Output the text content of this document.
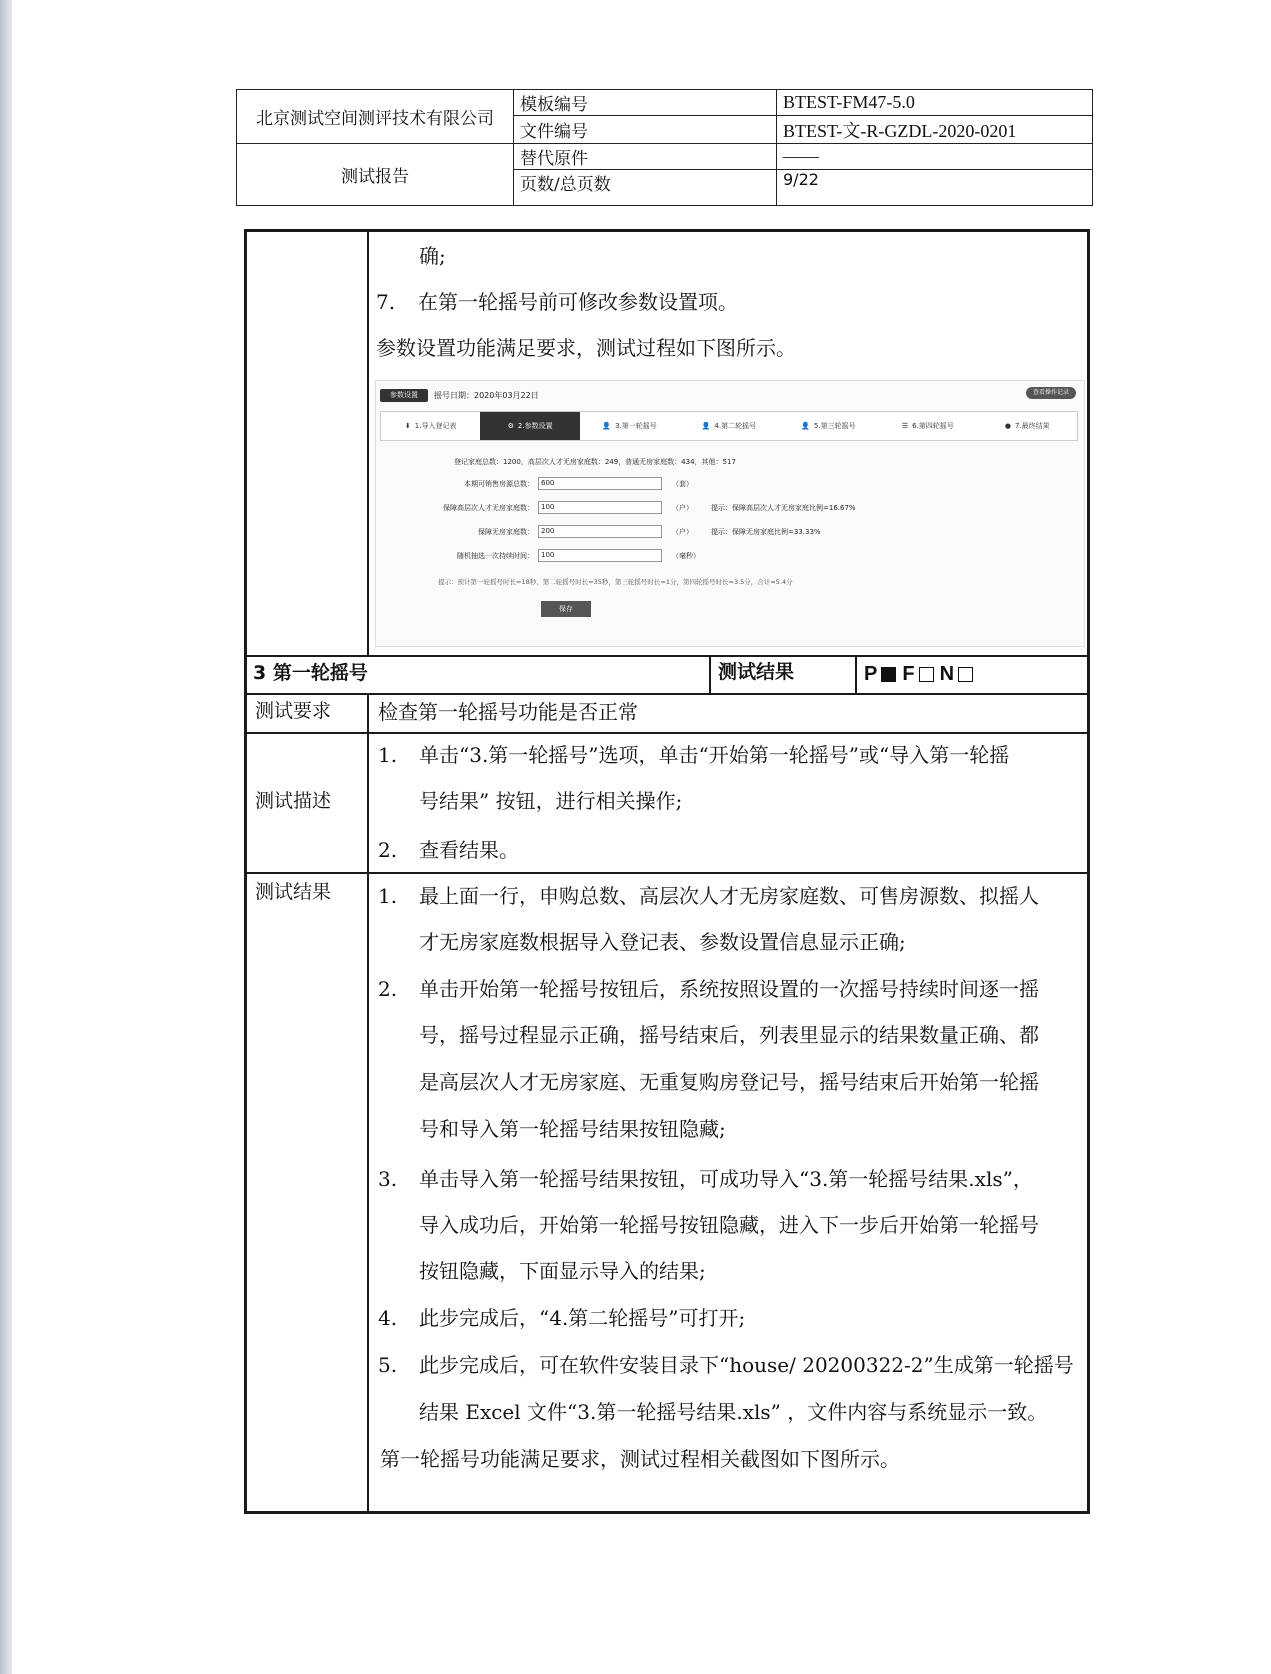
北京测试空间测评技术有限公司	模板编号	BTEST-FM47-5.0
	文件编号	BTEST-文-R-GZDL-2020-0201
测试报告	替代原件	——
	页数/总页数	9/22
确;
7. 在第一轮摇号前可修改参数设置项。
参数设置功能满足要求，测试过程如下图所示。
参数设置	摇号日期：2020年03月22日	查看操作记录
⬇ 1.导入登记表	⚙ 2.参数设置	👤 3.第一轮摇号	👤 4.第二轮摇号	👤 5.第三轮摇号	☰ 6.第四轮摇号	● 7.最终结果
登记家庭总数：1200，高层次人才无房家庭数：249，普通无房家庭数：434，其他：517
本期可销售房源总数： 600	（套）
保障高层次人才无房家庭数： 100	（户）	提示：保障高层次人才无房家庭比例=16.67%
保障无房家庭数： 200	（户）	提示：保障无房家庭比例=33.33%
随机抽选一次持续时间： 100	（毫秒）
提示：预计第一轮摇号时长=18秒，第二轮摇号时长=35秒，第三轮摇号时长=1分，第四轮摇号时长=3.5分，合计=5.4分
保存
3 第一轮摇号	测试结果	P F N
测试要求 检查第一轮摇号功能是否正常
测试描述
1. 单击“3.第一轮摇号”选项，单击“开始第一轮摇号”或“导入第一轮摇
号结果” 按钮，进行相关操作;
2. 查看结果。
测试结果 1. 最上面一行，申购总数、高层次人才无房家庭数、可售房源数、拟摇人
才无房家庭数根据导入登记表、参数设置信息显示正确;
2. 单击开始第一轮摇号按钮后，系统按照设置的一次摇号持续时间逐一摇
号，摇号过程显示正确，摇号结束后，列表里显示的结果数量正确、都
是高层次人才无房家庭、无重复购房登记号，摇号结束后开始第一轮摇
号和导入第一轮摇号结果按钮隐藏;
3. 单击导入第一轮摇号结果按钮，可成功导入“3.第一轮摇号结果.xls”，
导入成功后，开始第一轮摇号按钮隐藏，进入下一步后开始第一轮摇号
按钮隐藏，下面显示导入的结果;
4. 此步完成后，“4.第二轮摇号”可打开;
5. 此步完成后，可在软件安装目录下“house/ 20200322-2”生成第一轮摇号
结果 Excel 文件“3.第一轮摇号结果.xls” ，文件内容与系统显示一致。
第一轮摇号功能满足要求，测试过程相关截图如下图所示。
